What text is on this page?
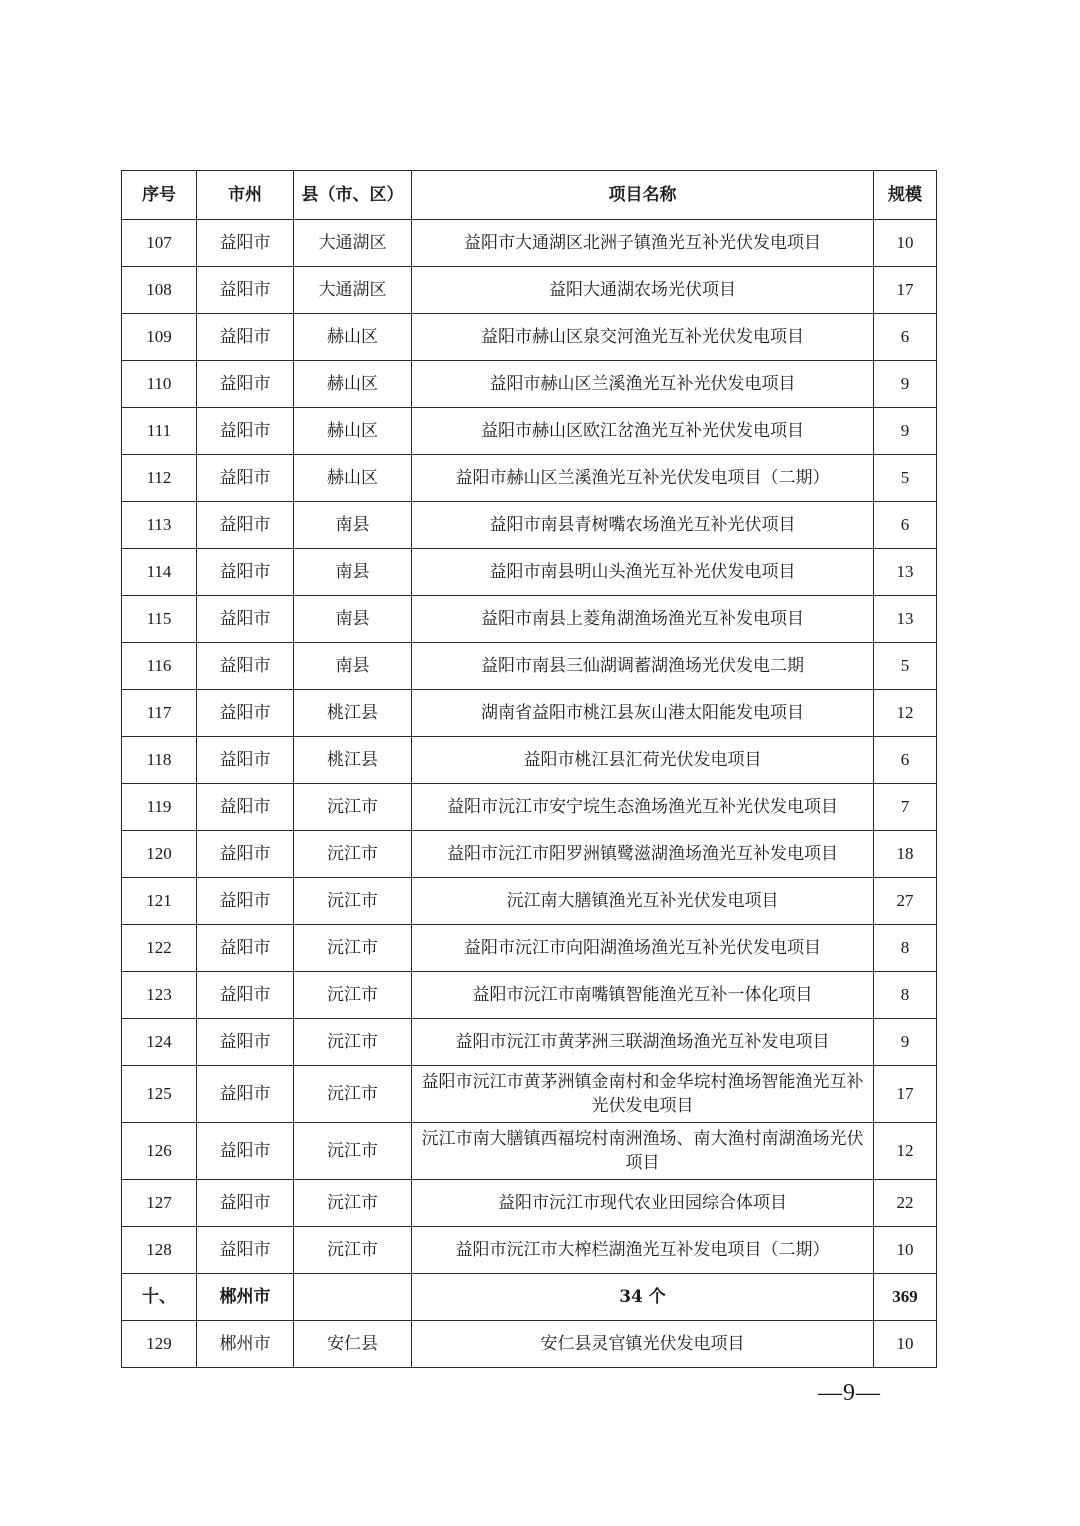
序号	市州	县（市、区）	项目名称	规模
107	益阳市	大通湖区	益阳市大通湖区北洲子镇渔光互补光伏发电项目	10
108	益阳市	大通湖区	益阳大通湖农场光伏项目	17
109	益阳市	赫山区	益阳市赫山区泉交河渔光互补光伏发电项目	6
110	益阳市	赫山区	益阳市赫山区兰溪渔光互补光伏发电项目	9
111	益阳市	赫山区	益阳市赫山区欧江岔渔光互补光伏发电项目	9
112	益阳市	赫山区	益阳市赫山区兰溪渔光互补光伏发电项目（二期）	5
113	益阳市	南县	益阳市南县青树嘴农场渔光互补光伏项目	6
114	益阳市	南县	益阳市南县明山头渔光互补光伏发电项目	13
115	益阳市	南县	益阳市南县上菱角湖渔场渔光互补发电项目	13
116	益阳市	南县	益阳市南县三仙湖调蓄湖渔场光伏发电二期	5
117	益阳市	桃江县	湖南省益阳市桃江县灰山港太阳能发电项目	12
118	益阳市	桃江县	益阳市桃江县汇荷光伏发电项目	6
119	益阳市	沅江市	益阳市沅江市安宁垸生态渔场渔光互补光伏发电项目	7
120	益阳市	沅江市	益阳市沅江市阳罗洲镇鹭滋湖渔场渔光互补发电项目	18
121	益阳市	沅江市	沅江南大膳镇渔光互补光伏发电项目	27
122	益阳市	沅江市	益阳市沅江市向阳湖渔场渔光互补光伏发电项目	8
123	益阳市	沅江市	益阳市沅江市南嘴镇智能渔光互补一体化项目	8
124	益阳市	沅江市	益阳市沅江市黄茅洲三联湖渔场渔光互补发电项目	9
125	益阳市	沅江市	益阳市沅江市黄茅洲镇金南村和金华垸村渔场智能渔光互补光伏发电项目	17
126	益阳市	沅江市	沅江市南大膳镇西福垸村南洲渔场、南大渔村南湖渔场光伏项目	12
127	益阳市	沅江市	益阳市沅江市现代农业田园综合体项目	22
128	益阳市	沅江市	益阳市沅江市大榨栏湖渔光互补发电项目（二期）	10
十、	郴州市		34 个	369
129	郴州市	安仁县	安仁县灵官镇光伏发电项目	10
—9—
